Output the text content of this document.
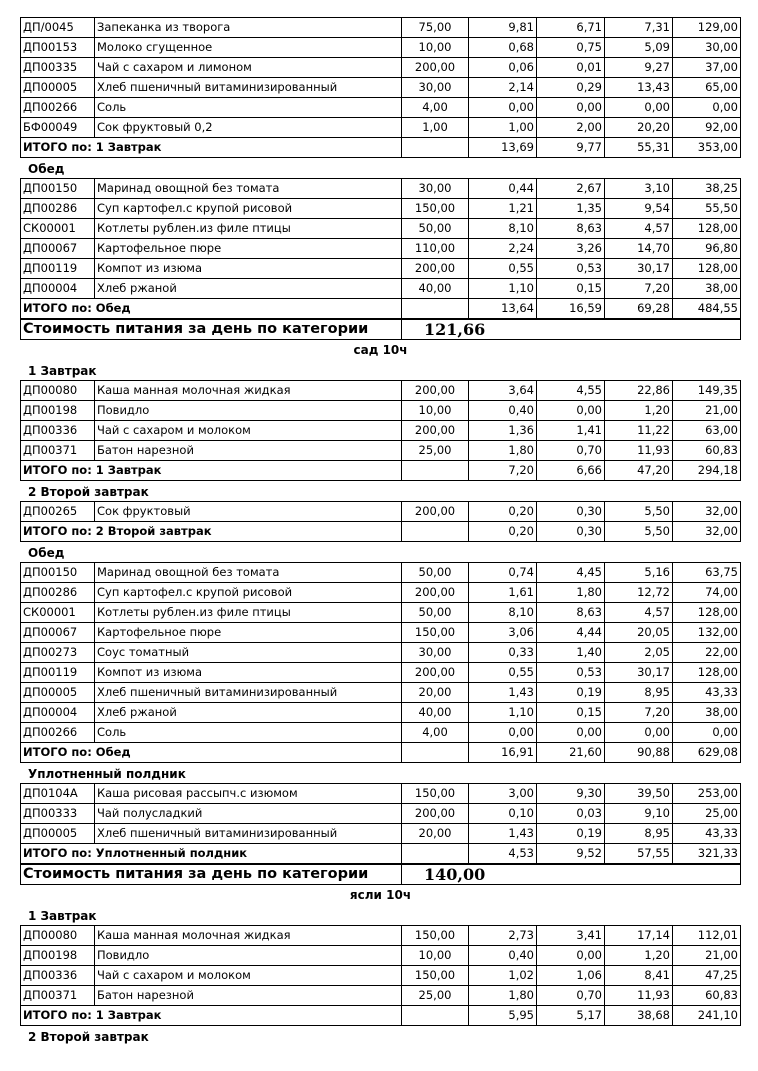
ДП/0045	Запеканка из творога	75,00	9,81	6,71	7,31	129,00
ДП00153	Молоко сгущенное	10,00	0,68	0,75	5,09	30,00
ДП00335	Чай с сахаром и лимоном	200,00	0,06	0,01	9,27	37,00
ДП00005	Хлеб пшеничный витаминизированный	30,00	2,14	0,29	13,43	65,00
ДП00266	Соль	4,00	0,00	0,00	0,00	0,00
БФ00049	Сок фруктовый 0,2	1,00	1,00	2,00	20,20	92,00
ИТОГО по: 1 Завтрак			13,69	9,77	55,31	353,00
Обед
ДП00150	Маринад овощной без томата	30,00	0,44	2,67	3,10	38,25
ДП00286	Суп картофел.с крупой рисовой	150,00	1,21	1,35	9,54	55,50
СК00001	Котлеты рублен.из филе птицы	50,00	8,10	8,63	4,57	128,00
ДП00067	Картофельное пюре	110,00	2,24	3,26	14,70	96,80
ДП00119	Компот из изюма	200,00	0,55	0,53	30,17	128,00
ДП00004	Хлеб ржаной	40,00	1,10	0,15	7,20	38,00
ИТОГО по: Обед			13,64	16,59	69,28	484,55
Стоимость питания за день по категории	121,66
сад 10ч
1 Завтрак
ДП00080	Каша манная молочная жидкая	200,00	3,64	4,55	22,86	149,35
ДП00198	Повидло	10,00	0,40	0,00	1,20	21,00
ДП00336	Чай с сахаром и молоком	200,00	1,36	1,41	11,22	63,00
ДП00371	Батон нарезной	25,00	1,80	0,70	11,93	60,83
ИТОГО по: 1 Завтрак			7,20	6,66	47,20	294,18
2 Второй завтрак
ДП00265	Сок фруктовый	200,00	0,20	0,30	5,50	32,00
ИТОГО по: 2 Второй завтрак			0,20	0,30	5,50	32,00
Обед
ДП00150	Маринад овощной без томата	50,00	0,74	4,45	5,16	63,75
ДП00286	Суп картофел.с крупой рисовой	200,00	1,61	1,80	12,72	74,00
СК00001	Котлеты рублен.из филе птицы	50,00	8,10	8,63	4,57	128,00
ДП00067	Картофельное пюре	150,00	3,06	4,44	20,05	132,00
ДП00273	Соус томатный	30,00	0,33	1,40	2,05	22,00
ДП00119	Компот из изюма	200,00	0,55	0,53	30,17	128,00
ДП00005	Хлеб пшеничный витаминизированный	20,00	1,43	0,19	8,95	43,33
ДП00004	Хлеб ржаной	40,00	1,10	0,15	7,20	38,00
ДП00266	Соль	4,00	0,00	0,00	0,00	0,00
ИТОГО по: Обед			16,91	21,60	90,88	629,08
Уплотненный полдник
ДП0104А	Каша рисовая рассыпч.с изюмом	150,00	3,00	9,30	39,50	253,00
ДП00333	Чай полусладкий	200,00	0,10	0,03	9,10	25,00
ДП00005	Хлеб пшеничный витаминизированный	20,00	1,43	0,19	8,95	43,33
ИТОГО по: Уплотненный полдник			4,53	9,52	57,55	321,33
Стоимость питания за день по категории	140,00
ясли 10ч
1 Завтрак
ДП00080	Каша манная молочная жидкая	150,00	2,73	3,41	17,14	112,01
ДП00198	Повидло	10,00	0,40	0,00	1,20	21,00
ДП00336	Чай с сахаром и молоком	150,00	1,02	1,06	8,41	47,25
ДП00371	Батон нарезной	25,00	1,80	0,70	11,93	60,83
ИТОГО по: 1 Завтрак			5,95	5,17	38,68	241,10
2 Второй завтрак
